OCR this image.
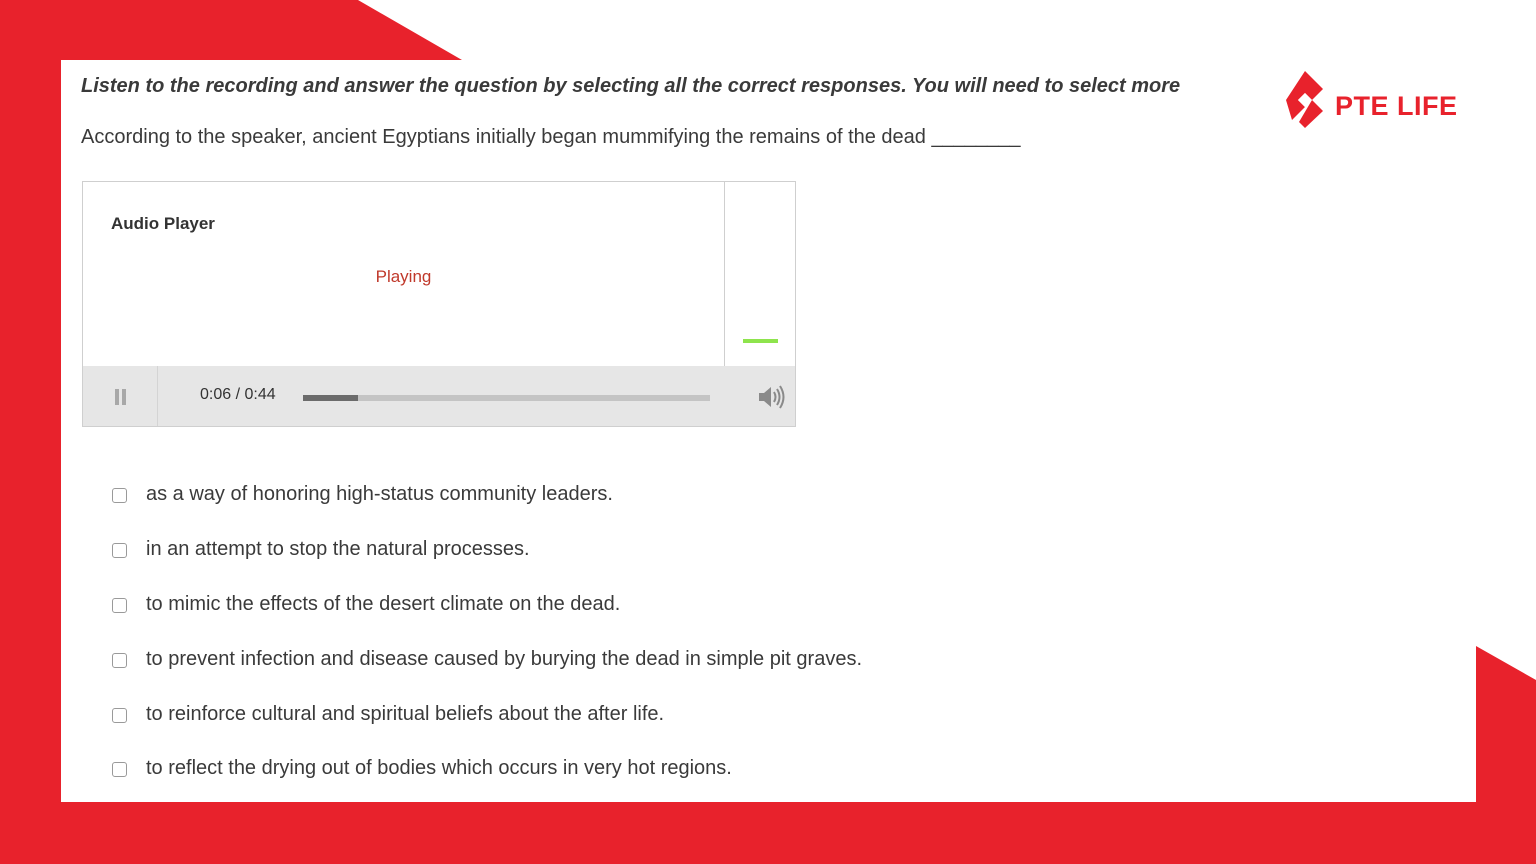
Listen to the recording and answer the question by selecting all the correct responses. You will need to select more
PTE LIFE
According to the speaker, ancient Egyptians initially began mummifying the remains of the dead ________
Audio Player
Playing
0:06 / 0:44
as a way of honoring high-status community leaders.
in an attempt to stop the natural processes.
to mimic the effects of the desert climate on the dead.
to prevent infection and disease caused by burying the dead in simple pit graves.
to reinforce cultural and spiritual beliefs about the after life.
to reflect the drying out of bodies which occurs in very hot regions.
